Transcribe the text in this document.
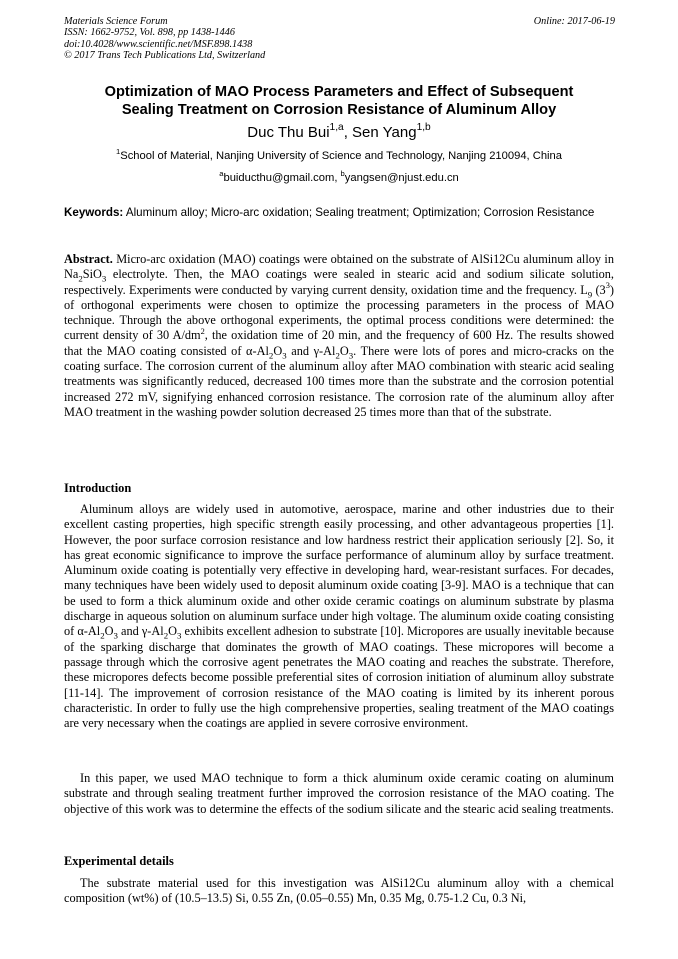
Materials Science Forum
ISSN: 1662-9752, Vol. 898, pp 1438-1446
doi:10.4028/www.scientific.net/MSF.898.1438
© 2017 Trans Tech Publications Ltd, Switzerland
Online: 2017-06-19
Optimization of MAO Process Parameters and Effect of Subsequent
Sealing Treatment on Corrosion Resistance of Aluminum Alloy
Duc Thu Bui$^{1,a}$, Sen Yang$^{1,b}$
$^1$School of Material, Nanjing University of Science and Technology, Nanjing 210094, China
$^a$buiducthu@gmail.com, $^b$yangsen@njust.edu.cn
Keywords: Aluminum alloy; Micro-arc oxidation; Sealing treatment; Optimization; Corrosion Resistance
Abstract. Micro-arc oxidation (MAO) coatings were obtained on the substrate of AlSi12Cu aluminum alloy in $Na_2SiO_3$ electrolyte. Then, the MAO coatings were sealed in stearic acid and sodium silicate solution, respectively. Experiments were conducted by varying current density, oxidation time and the frequency. $L_9$ $(3^3)$ of orthogonal experiments were chosen to optimize the processing parameters in the process of MAO technique. Through the above orthogonal experiments, the optimal process conditions were determined: the current density of 30 $A/dm^2$, the oxidation time of 20 min, and the frequency of 600 Hz. The results showed that the MAO coating consisted of $\alpha-Al_2O_3$ and $\gamma-Al_2O_3$. There were lots of pores and micro-cracks on the coating surface. The corrosion current of the aluminum alloy after MAO combination with stearic acid sealing treatments was significantly reduced, decreased 100 times more than the substrate and the corrosion potential increased 272 mV, signifying enhanced corrosion resistance. The corrosion rate of the aluminum alloy after MAO treatment in the washing powder solution decreased 25 times more than that of the substrate.
Introduction
Aluminum alloys are widely used in automotive, aerospace, marine and other industries due to their excellent casting properties, high specific strength easily processing, and other advantageous properties [1]. However, the poor surface corrosion resistance and low hardness restrict their application seriously [2]. So, it has great economic significance to improve the surface performance of aluminum alloy by surface treatment. Aluminum oxide coating is potentially very effective in developing hard, wear-resistant surfaces. For decades, many techniques have been widely used to deposit aluminum oxide coating [3-9]. MAO is a technique that can be used to form a thick aluminum oxide and other oxide ceramic coatings on aluminum substrate by plasma discharge in aqueous solution on aluminum surface under high voltage. The aluminum oxide coating consisting of $\alpha-Al_2O_3$ and $\gamma-Al_2O_3$ exhibits excellent adhesion to substrate [10]. Micropores are usually inevitable because of the sparking discharge that dominates the growth of MAO coatings. These micropores will become a passage through which the corrosive agent penetrates the MAO coating and reaches the substrate. Therefore, these micropores defects become possible preferential sites of corrosion initiation of aluminum alloy substrate [11-14]. The improvement of corrosion resistance of the MAO coating is limited by its inherent porous characteristic. In order to fully use the high comprehensive properties, sealing treatment of the MAO coatings are very necessary when the coatings are applied in severe corrosive environment.
In this paper, we used MAO technique to form a thick aluminum oxide ceramic coating on aluminum substrate and through sealing treatment further improved the corrosion resistance of the MAO coating. The objective of this work was to determine the effects of the sodium silicate and the stearic acid sealing treatments.
Experimental details
The substrate material used for this investigation was AlSi12Cu aluminum alloy with a chemical composition (wt%) of (10.5–13.5) Si, 0.55 Zn, (0.05–0.55) Mn, 0.35 Mg, 0.75-1.2 Cu, 0.3 Ni,
